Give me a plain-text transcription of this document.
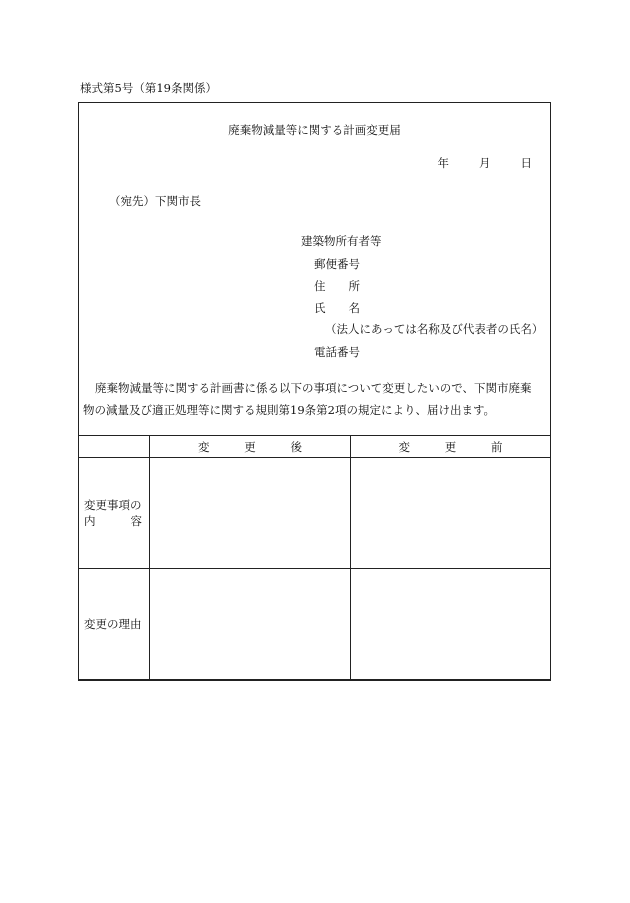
様式第5号（第19条関係）
廃棄物減量等に関する計画変更届
年	月	日
（宛先）下関市長
建築物所有者等
郵便番号
住 所
氏 名
（法人にあっては名称及び代表者の氏名）
電話番号
廃棄物減量等に関する計画書に係る以下の事項について変更したいので、下関市廃棄
物の減量及び適正処理等に関する規則第19条第2項の規定により、届け出ます。

	変 更 後	変 更 前

変更事項の
内 容		

変更の理由		
